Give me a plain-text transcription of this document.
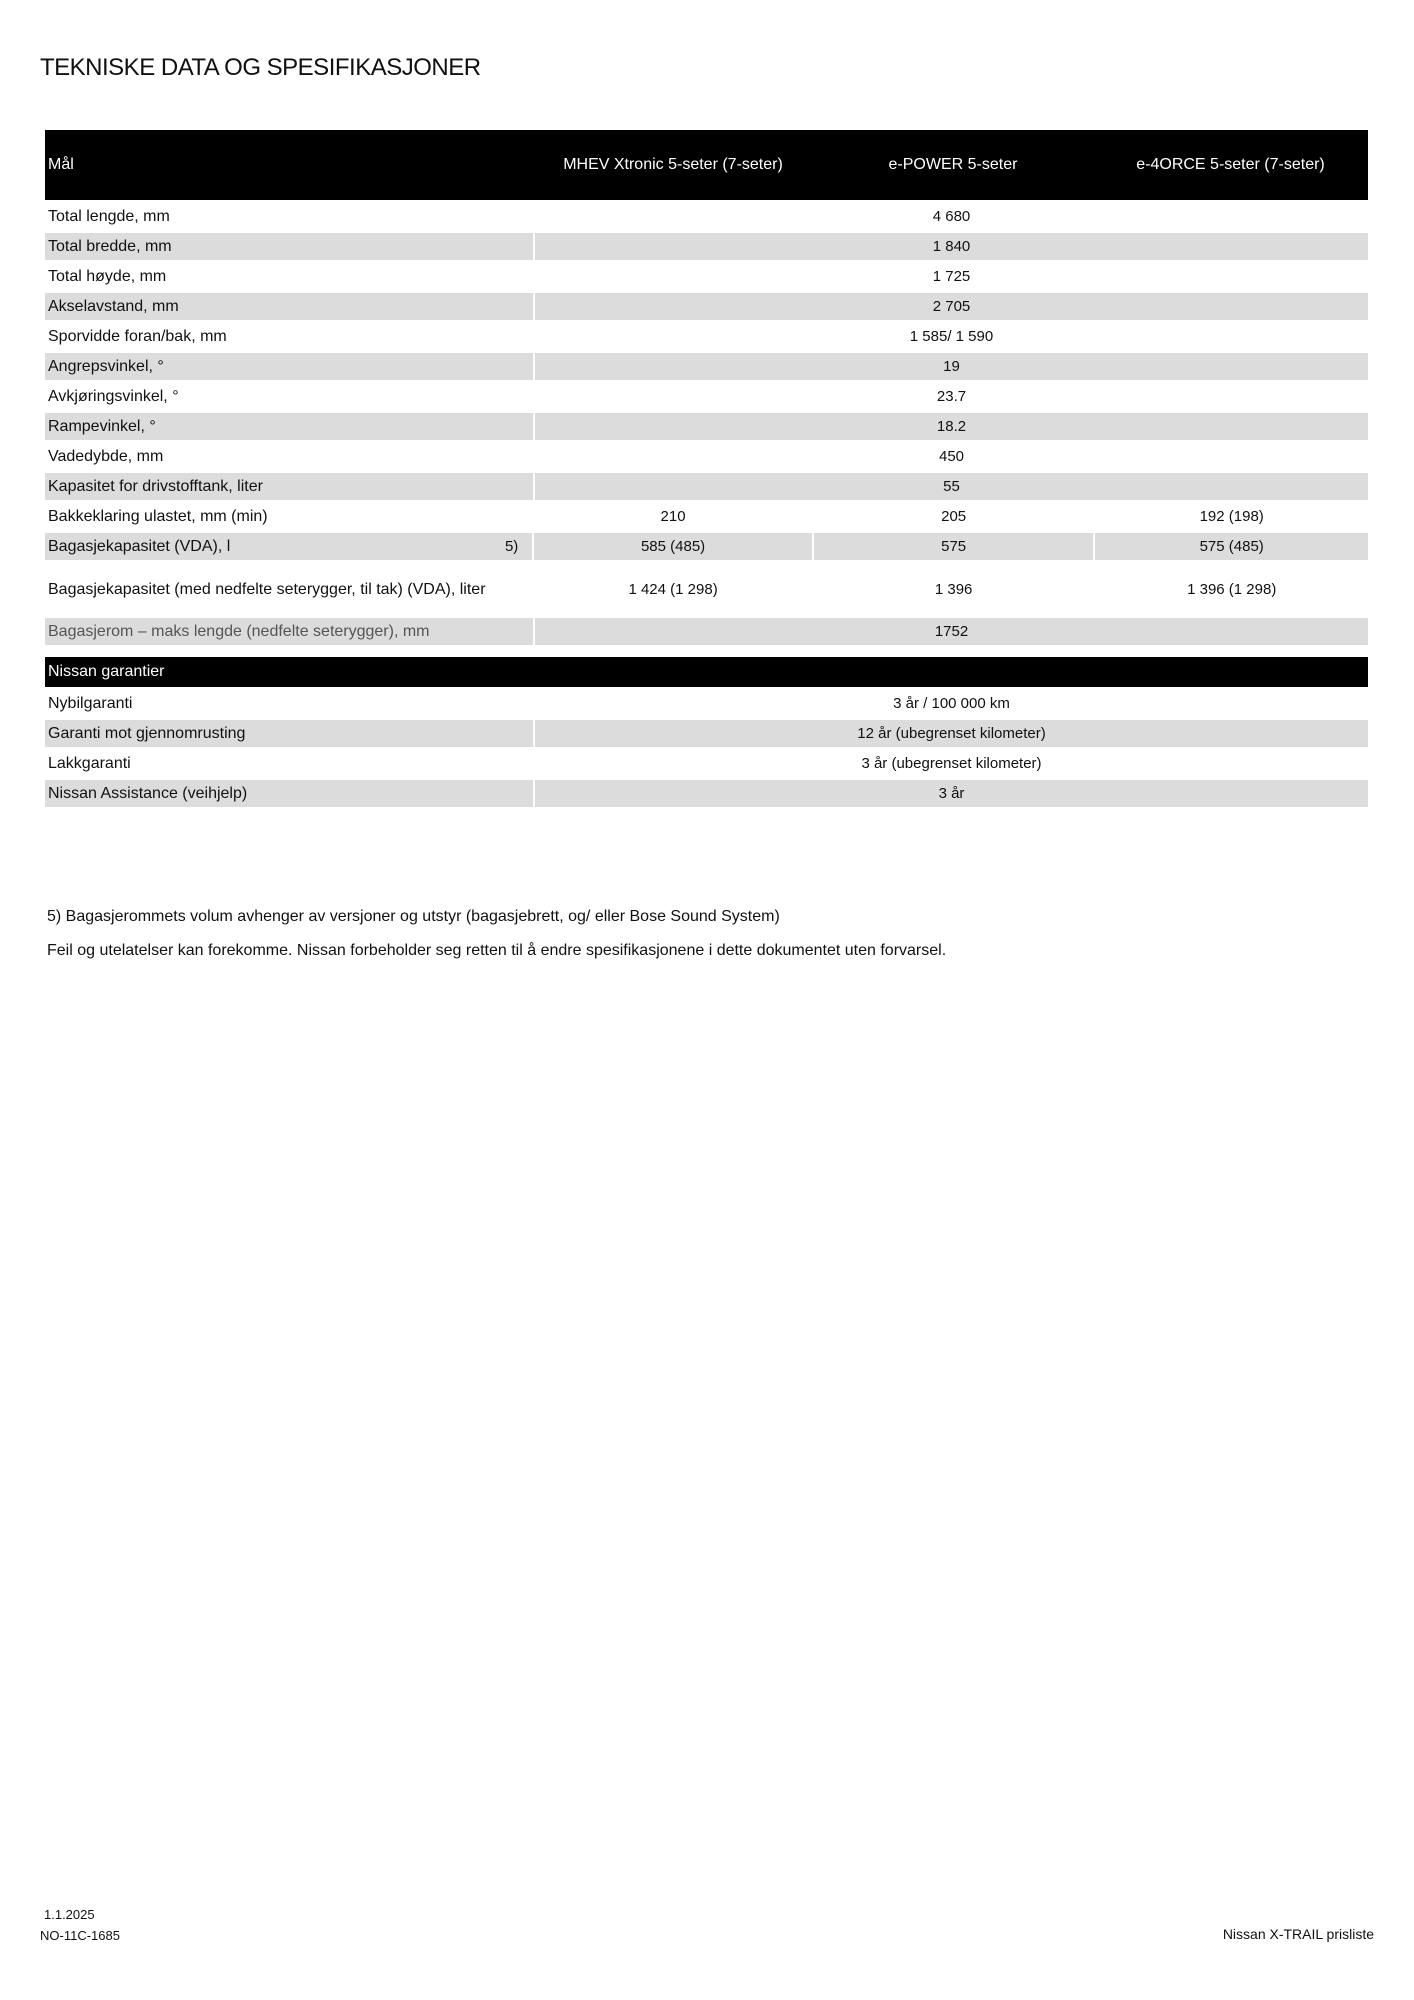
TEKNISKE DATA OG SPESIFIKASJONER
Mål	MHEV Xtronic 5-seter (7-seter)	e-POWER 5-seter	e-4ORCE 5-seter (7-seter)
Total lengde, mm	4 680
Total bredde, mm	1 840
Total høyde, mm	1 725
Akselavstand, mm	2 705
Sporvidde foran/bak, mm	1 585/ 1 590
Angrepsvinkel, °	19
Avkjøringsvinkel, °	23.7
Rampevinkel, °	18.2
Vadedybde, mm	450
Kapasitet for drivstofftank, liter	55
Bakkeklaring ulastet, mm (min)	210	205	192 (198)
Bagasjekapasitet (VDA), l	5)	585 (485)	575	575 (485)
Bagasjekapasitet (med nedfelte seterygger, til tak) (VDA), liter	1 424 (1 298)	1 396	1 396 (1 298)
Bagasjerom – maks lengde (nedfelte seterygger), mm	1752
Nissan garantier
Nybilgaranti	3 år / 100 000 km
Garanti mot gjennomrusting	12 år (ubegrenset kilometer)
Lakkgaranti	3 år (ubegrenset kilometer)
Nissan Assistance (veihjelp)	3 år

5) Bagasjerommets volum avhenger av versjoner og utstyr (bagasjebrett, og/ eller Bose Sound System)

Feil og utelatelser kan forekomme. Nissan forbeholder seg retten til å endre spesifikasjonene i dette dokumentet uten forvarsel.

1.1.2025
NO-11C-1685	Nissan X-TRAIL prisliste
